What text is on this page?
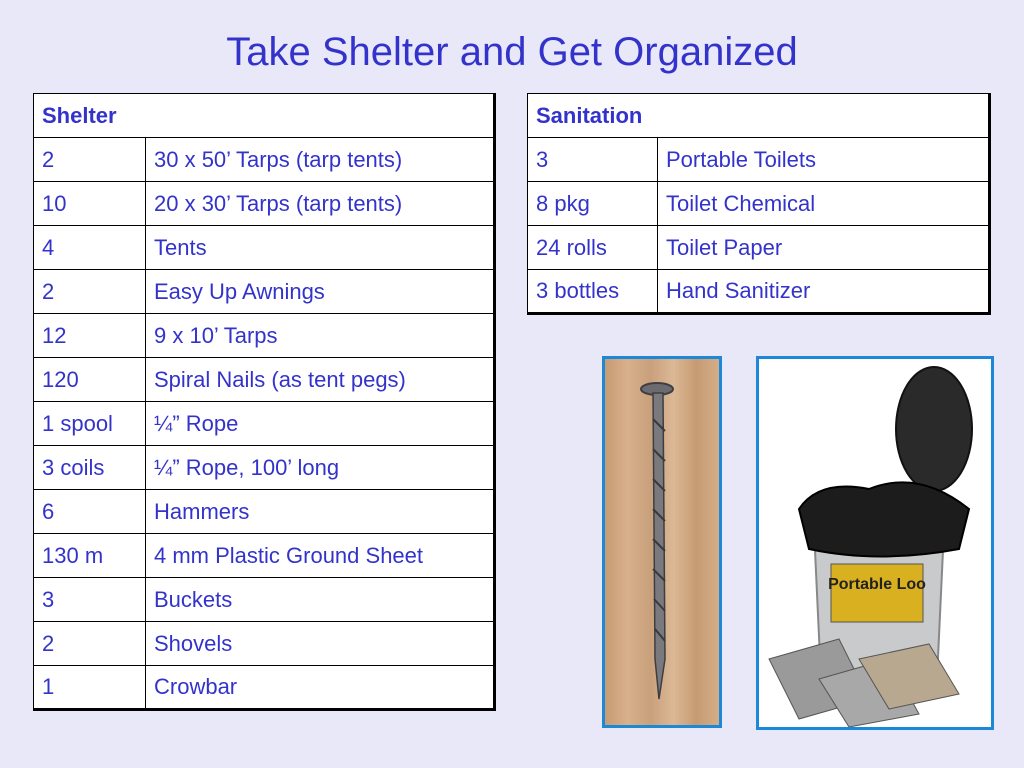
Take Shelter and Get Organized
Shelter	
2	30 x 50’ Tarps (tarp tents)
10	20 x 30’ Tarps (tarp tents)
4	Tents
2	Easy Up Awnings
12	9 x 10’ Tarps
120	Spiral Nails (as tent pegs)
1 spool	¼” Rope
3 coils	¼” Rope, 100’ long
6	Hammers
130 m	4 mm Plastic Ground Sheet
3	Buckets
2	Shovels
1	Crowbar
Sanitation	
3	Portable Toilets
8 pkg	Toilet Chemical
24 rolls	Toilet Paper
3 bottles	Hand Sanitizer
Portable Loo
